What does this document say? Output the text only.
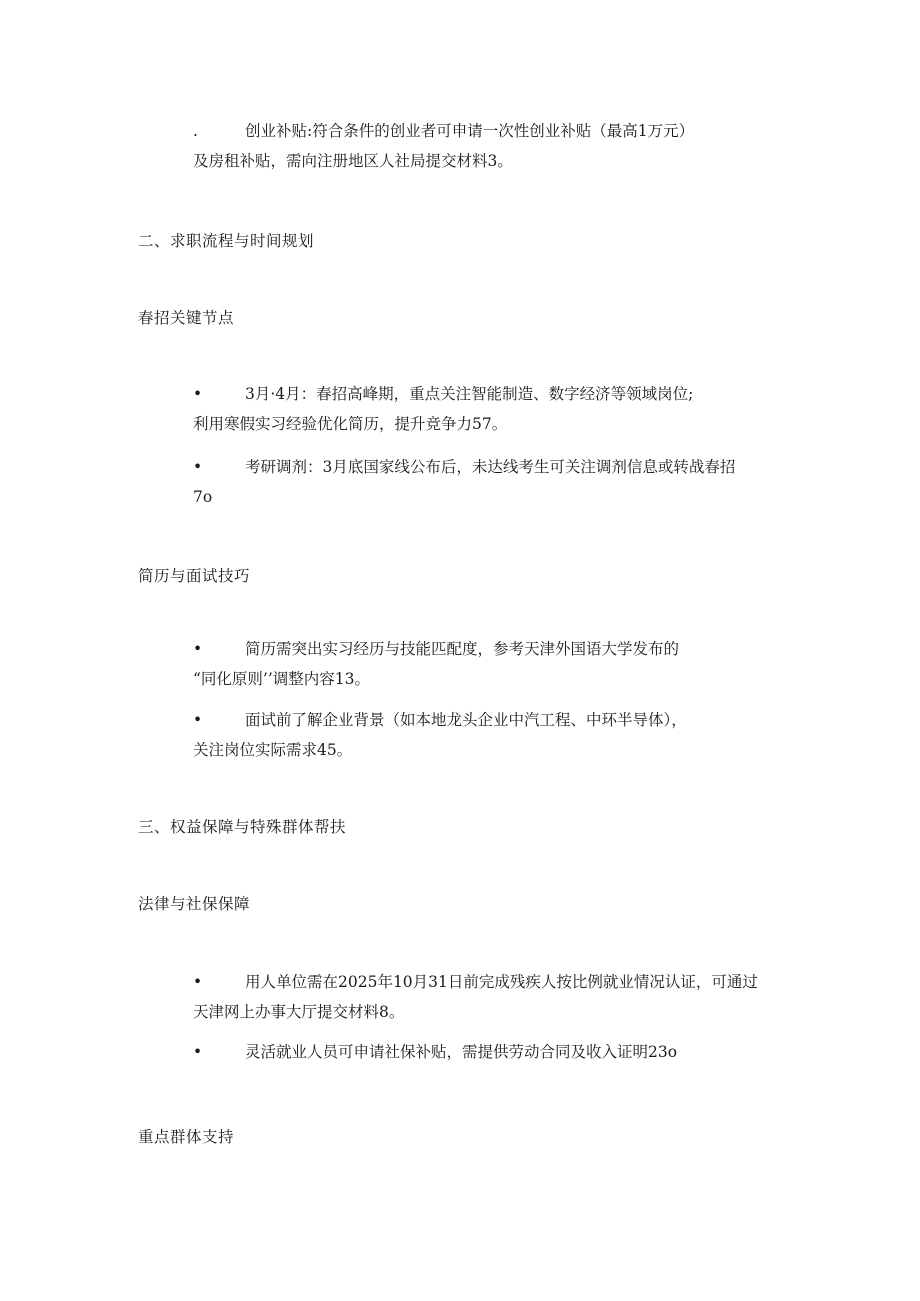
.	创业补贴:符合条件的创业者可申请一次性创业补贴（最高1万元）
及房租补贴，需向注册地区人社局提交材料3。
二、求职流程与时间规划
春招关键节点
•	3月·4月：春招高峰期，重点关注智能制造、数字经济等领域岗位;
利用寒假实习经验优化简历，提升竞争力57。
•	考研调剂：3月底国家线公布后，未达线考生可关注调剂信息或转战春招
7o
简历与面试技巧
•	简历需突出实习经历与技能匹配度，参考天津外国语大学发布的
“同化原则’’调整内容13。
•	面试前了解企业背景（如本地龙头企业中汽工程、中环半导体），
关注岗位实际需求45。
三、权益保障与特殊群体帮扶
法律与社保保障
•	用人单位需在2025年10月31日前完成残疾人按比例就业情况认证，可通过
天津网上办事大厅提交材料8。
•	灵活就业人员可申请社保补贴，需提供劳动合同及收入证明23o
重点群体支持
